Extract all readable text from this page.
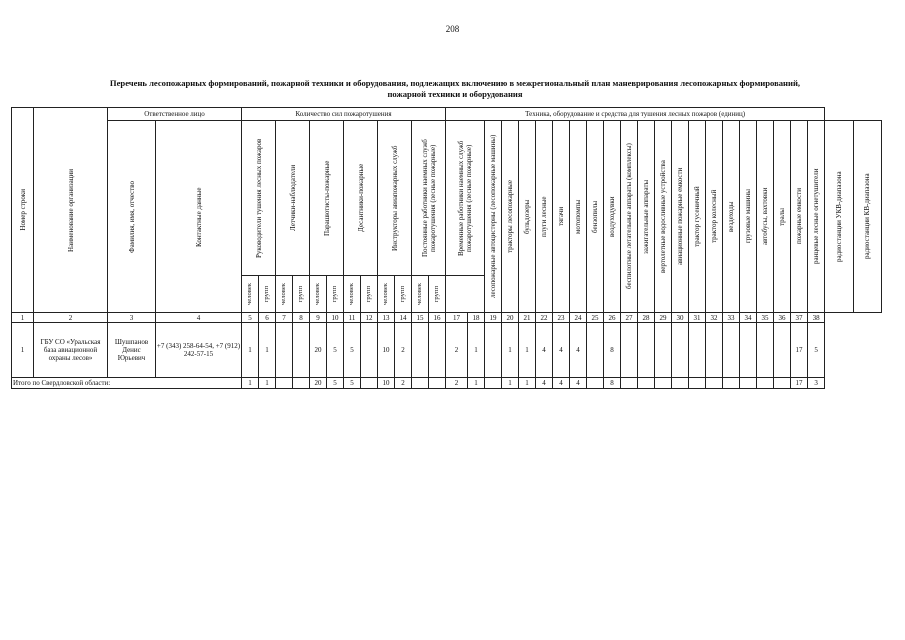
208
Перечень лесопожарных формирований, пожарной техники и оборудования, подлежащих включению в межрегиональный план маневрирования лесопожарных формирований,
пожарной техники и оборудования
Номер строки	Наименование организации	Ответственное лицо		Количество сил пожаротушения												Техника, оборудование и средства для тушения лесных пожаров (единиц)																							

		Фамилия, имя, отчество	Контактные данные	Руководители тушения лесных пожаров		Летчики-наблюдатели		Парашютисты-пожарные		Десантники-пожарные		Инструкторы авиапожарных служб		Постоянные работники наемных служб пожаротушения (лесные пожарные)		Временные работники наемных служб пожаротушения (лесные пожарные)		лесопожарные автоцистерны (лесопожарные машины)	тракторы лесопожарные	бульдозеры	плуги лесные	тягачи	мотопомпы	бензопилы	воздуходувки	беспилотные летательные аппараты (комплексы)	зажигательные аппараты	вертолетные водосливные устройства	авиационные пожарные емкости	трактор гусеничный	трактор колесный	вездеходы	грузовые машины	автобусы, вахтовки	тралы	пожарные емкости	ранцевые лесные огнетушители	радиостанции УКВ-диапазона	радиостанции КВ-диапазона

				человек	групп	человек	групп	человек	групп	человек	групп	человек	групп	человек	групп																								

1	2	3	4	5	6	7	8	9	10	11	12	13	14	15	16	17	18	19	20	21	22	23	24	25	26	27	28	29	30	31	32	33	34	35	36	37	38		
1	ГБУ СО «Уральская база авиационной охраны лесов»	Шушпанов Денис Юрьевич	+7 (343) 258-64-54, +7 (912) 242-57-15	1	1			20	5	5		10	2			2	1		1	1	4	4	4		8											17	5		
Итого по Свердловской области:				1	1			20	5	5		10	2			2	1		1	1	4	4	4		8											17	3		
